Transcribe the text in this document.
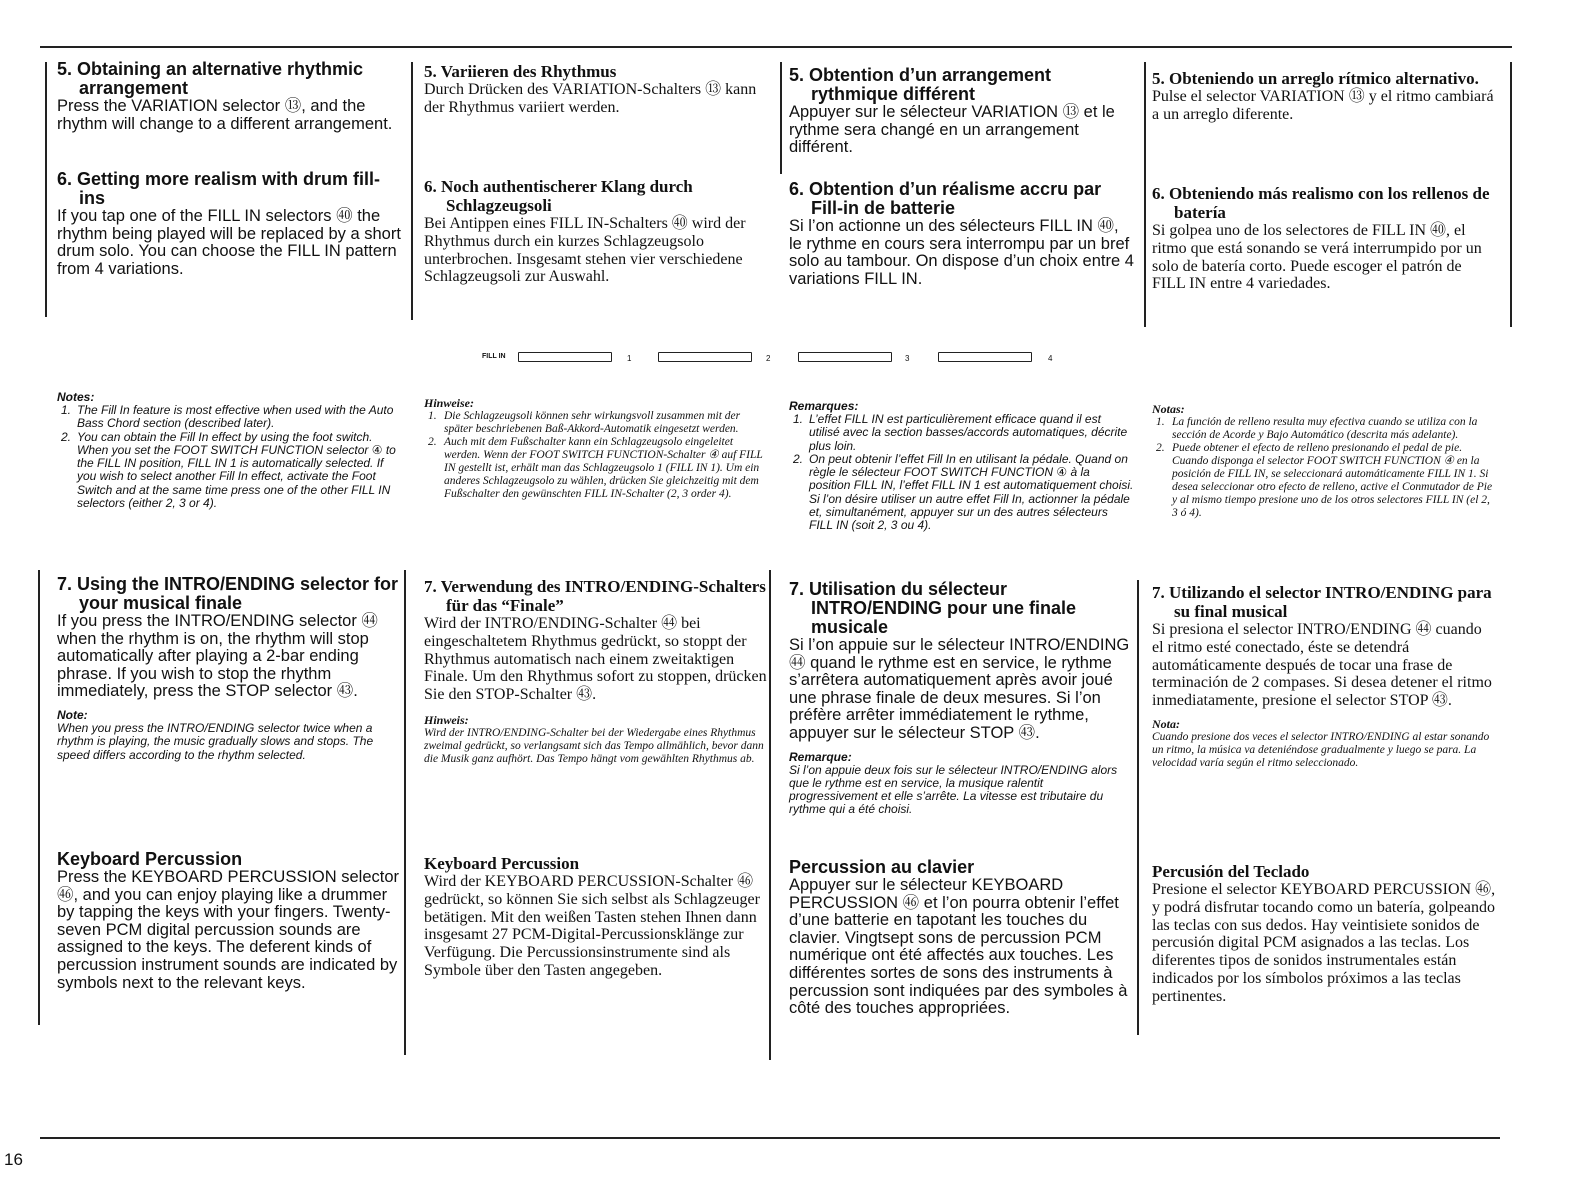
FILL IN	1	2	3	4
5. Obtaining an alternative rhythmic arrangement

Press the VARIATION selector ⑬, and the rhythm will change to a different arrangement.

6. Getting more realism with drum fill-ins

If you tap one of the FILL IN selectors ㊵ the rhythm being played will be replaced by a short drum solo. You can choose the FILL IN pattern from 4 variations.

Notes:

1. The Fill In feature is most effective when used with the Auto Bass Chord section (described later).
2. You can obtain the Fill In effect by using the foot switch. When you set the FOOT SWITCH FUNCTION selector ④ to the FILL IN position, FILL IN 1 is automatically selected. If you wish to select another Fill In effect, activate the Foot Switch and at the same time press one of the other FILL IN selectors (either 2, 3 or 4).
7. Using the INTRO/ENDING selector for your musical finale

If you press the INTRO/ENDING selector ㊹ when the rhythm is on, the rhythm will stop automatically after playing a 2-bar ending phrase. If you wish to stop the rhythm immediately, press the STOP selector ㊸.

Note:

When you press the INTRO/ENDING selector twice when a rhythm is playing, the music gradually slows and stops. The speed differs according to the rhythm selected.

Keyboard Percussion

Press the KEYBOARD PERCUSSION selector ㊻, and you can enjoy playing like a drummer by tapping the keys with your fingers. Twenty-seven PCM digital percussion sounds are assigned to the keys. The deferent kinds of percussion instrument sounds are indicated by symbols next to the relevant keys.

5. Variieren des Rhythmus

Durch Drücken des VARIATION-Schalters ⑬ kann der Rhythmus variiert werden.

6. Noch authentischerer Klang durch Schlagzeugsoli

Bei Antippen eines FILL IN-Schalters ㊵ wird der Rhythmus durch ein kurzes Schlagzeugsolo unterbrochen. Insgesamt stehen vier verschiedene Schlagzeugsoli zur Auswahl.

Hinweise:

1. Die Schlagzeugsoli können sehr wirkungsvoll zusammen mit der später beschriebenen Baß-Akkord-Automatik eingesetzt werden.
2. Auch mit dem Fußschalter kann ein Schlagzeugsolo eingeleitet werden. Wenn der FOOT SWITCH FUNCTION-Schalter ④ auf FILL IN gestellt ist, erhält man das Schlagzeugsolo 1 (FILL IN 1). Um ein anderes Schlagzeugsolo zu wählen, drücken Sie gleichzeitig mit dem Fußschalter den gewünschten FILL IN-Schalter (2, 3 order 4).
7. Verwendung des INTRO/ENDING-Schalters für das “Finale”

Wird der INTRO/ENDING-Schalter ㊹ bei eingeschaltetem Rhythmus gedrückt, so stoppt der Rhythmus automatisch nach einem zweitaktigen Finale. Um den Rhythmus sofort zu stoppen, drücken Sie den STOP-Schalter ㊸.

Hinweis:

Wird der INTRO/ENDING-Schalter bei der Wiedergabe eines Rhythmus zweimal gedrückt, so verlangsamt sich das Tempo allmählich, bevor dann die Musik ganz aufhört. Das Tempo hängt vom gewählten Rhythmus ab.

Keyboard Percussion

Wird der KEYBOARD PERCUSSION-Schalter ㊻ gedrückt, so können Sie sich selbst als Schlagzeuger betätigen. Mit den weißen Tasten stehen Ihnen dann insgesamt 27 PCM-Digital-Percussionsklänge zur Verfügung. Die Percussionsinstrumente sind als Symbole über den Tasten angegeben.

5. Obtention d’un arrangement rythmique différent

Appuyer sur le sélecteur VARIATION ⑬ et le rythme sera changé en un arrangement différent.

6. Obtention d’un réalisme accru par Fill-in de batterie

Si l’on actionne un des sélecteurs FILL IN ㊵, le rythme en cours sera interrompu par un bref solo au tambour. On dispose d’un choix entre 4 variations FILL IN.

Remarques:

1. L’effet FILL IN est particulièrement efficace quand il est utilisé avec la section basses/accords automatiques, décrite plus loin.
2. On peut obtenir l’effet Fill In en utilisant la pédale. Quand on règle le sélecteur FOOT SWITCH FUNCTION ④ à la position FILL IN, l’effet FILL IN 1 est automatiquement choisi. Si l’on désire utiliser un autre effet Fill In, actionner la pédale et, simultanément, appuyer sur un des autres sélecteurs FILL IN (soit 2, 3 ou 4).
7. Utilisation du sélecteur INTRO/ENDING pour une finale musicale

Si l’on appuie sur le sélecteur INTRO/ENDING ㊹ quand le rythme est en service, le rythme s’arrêtera automatiquement après avoir joué une phrase finale de deux mesures. Si l’on préfère arrêter immédiatement le rythme, appuyer sur le sélecteur STOP ㊸.

Remarque:

Si l’on appuie deux fois sur le sélecteur INTRO/ENDING alors que le rythme est en service, la musique ralentit progressivement et elle s’arrête. La vitesse est tributaire du rythme qui a été choisi.

Percussion au clavier

Appuyer sur le sélecteur KEYBOARD PERCUSSION ㊻ et l’on pourra obtenir l’effet d’une batterie en tapotant les touches du clavier. Vingtsept sons de percussion PCM numérique ont été affectés aux touches. Les différentes sortes de sons des instruments à percussion sont indiquées par des symboles à côté des touches appropriées.

5. Obteniendo un arreglo rítmico alternativo.

Pulse el selector VARIATION ⑬ y el ritmo cambiará a un arreglo diferente.

6. Obteniendo más realismo con los rellenos de batería

Si golpea uno de los selectores de FILL IN ㊵, el ritmo que está sonando se verá interrumpido por un solo de batería corto. Puede escoger el patrón de FILL IN entre 4 variedades.

Notas:

1. La función de relleno resulta muy efectiva cuando se utiliza con la sección de Acorde y Bajo Automático (descrita más adelante).
2. Puede obtener el efecto de relleno presionando el pedal de pie. Cuando disponga el selector FOOT SWITCH FUNCTION ④ en la posición de FILL IN, se seleccionará automáticamente FILL IN 1. Si desea seleccionar otro efecto de relleno, active el Conmutador de Pie y al mismo tiempo presione uno de los otros selectores FILL IN (el 2, 3 ó 4).
7. Utilizando el selector INTRO/ENDING para su final musical

Si presiona el selector INTRO/ENDING ㊹ cuando el ritmo esté conectado, éste se detendrá automáticamente después de tocar una frase de terminación de 2 compases. Si desea detener el ritmo inmediatamente, presione el selector STOP ㊸.

Nota:

Cuando presione dos veces el selector INTRO/ENDING al estar sonando un ritmo, la música va deteniéndose gradualmente y luego se para. La velocidad varía según el ritmo seleccionado.

Percusión del Teclado

Presione el selector KEYBOARD PERCUSSION ㊻, y podrá disfrutar tocando como un batería, golpeando las teclas con sus dedos. Hay veintisiete sonidos de percusión digital PCM asignados a las teclas. Los diferentes tipos de sonidos instrumentales están indicados por los símbolos próximos a las teclas pertinentes.

16
